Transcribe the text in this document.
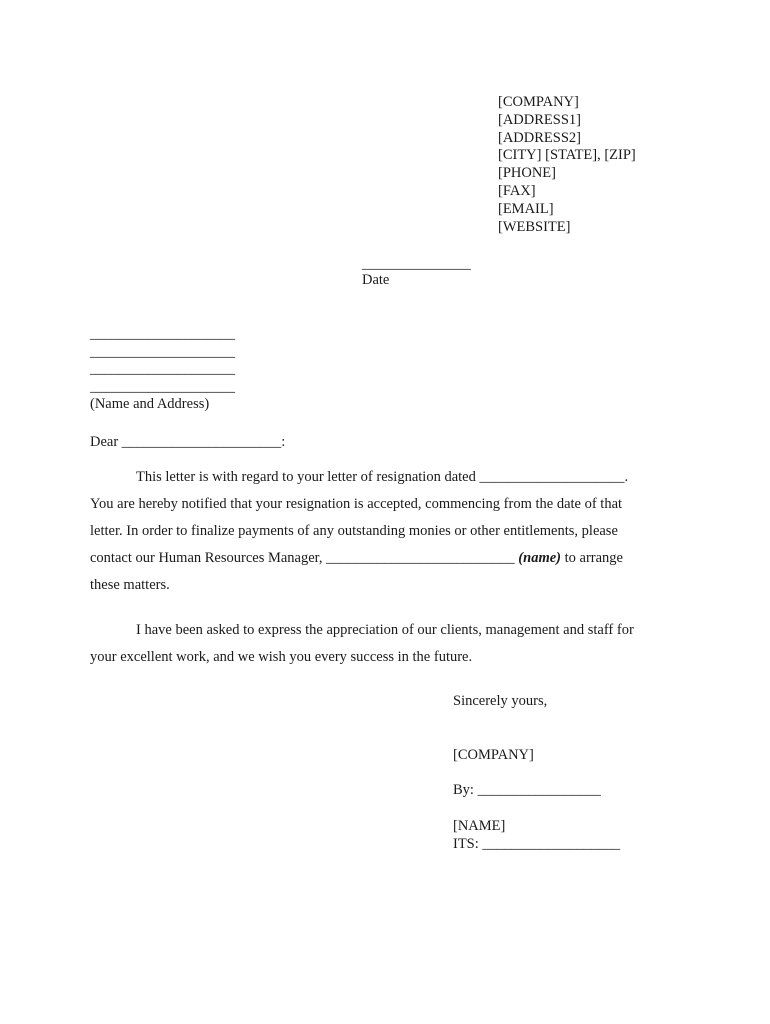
[COMPANY]
[ADDRESS1]
[ADDRESS2]
[CITY] [STATE], [ZIP]
[PHONE]
[FAX]
[EMAIL]
[WEBSITE]
_______________
Date
____________________
____________________
____________________
____________________
(Name and Address)
Dear ______________________:
This letter is with regard to your letter of resignation dated ____________________.
You are hereby notified that your resignation is accepted, commencing from the date of that
letter. In order to finalize payments of any outstanding monies or other entitlements, please
contact our Human Resources Manager, __________________________ (name) to arrange
these matters.
I have been asked to express the appreciation of our clients, management and staff for
your excellent work, and we wish you every success in the future.
Sincerely yours,
[COMPANY]
By: _________________
[NAME]
ITS: ___________________
